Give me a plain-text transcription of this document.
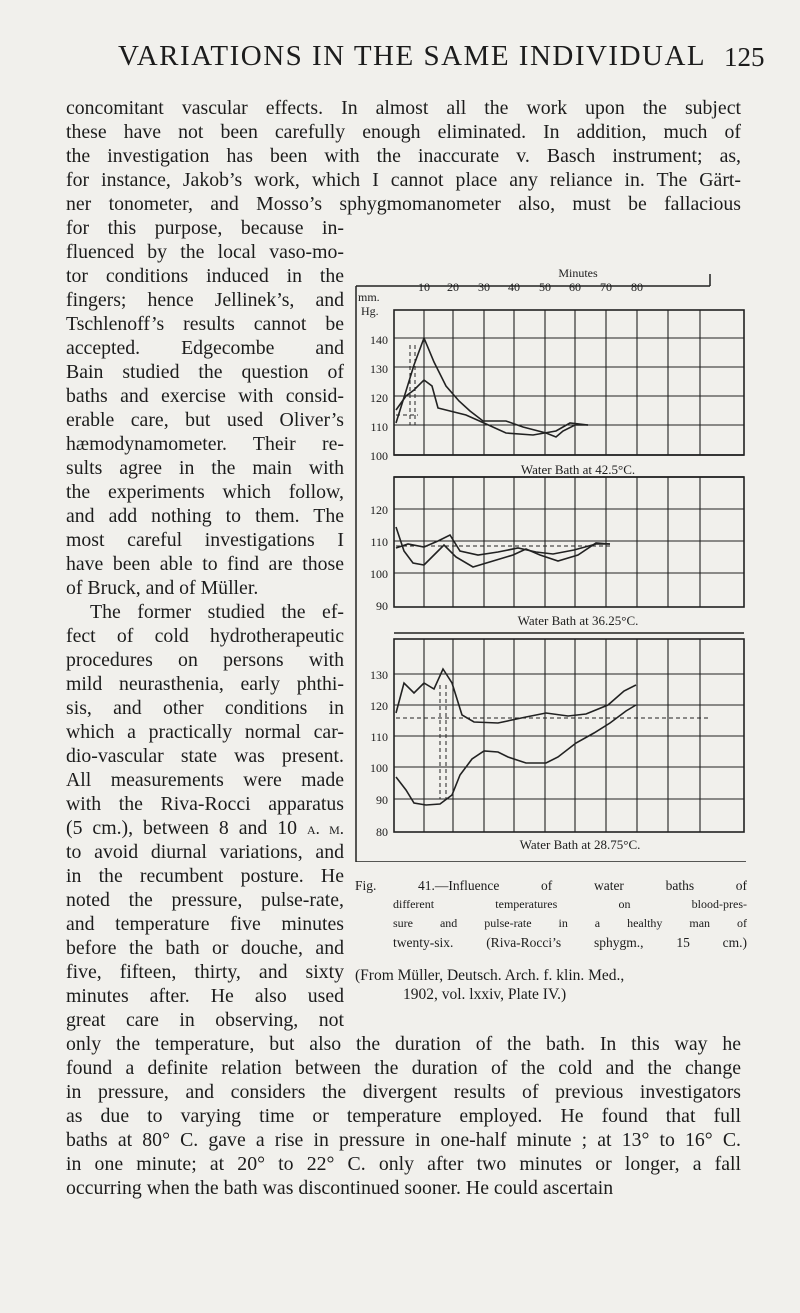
VARIATIONS IN THE SAME INDIVIDUAL 125
concomitant vascular effects. In almost all the work upon the subject
these have not been carefully enough eliminated. In addition, much of
the investigation has been with the inaccurate v. Basch instrument; as,
for instance, Jakob’s work, which I cannot place any reliance in. The Gärt-
ner tonometer, and Mosso’s sphygmomanometer also, must be fallacious
for this purpose, because in-
fluenced by the local vaso-mo-
tor conditions induced in the
fingers; hence Jellinek’s, and
Tschlenoff’s results cannot be
accepted. Edgecombe and
Bain studied the question of
baths and exercise with consid-
erable care, but used Oliver’s
hæmodynamometer. Their re-
sults agree in the main with
the experiments which follow,
and add nothing to them. The
most careful investigations I
have been able to find are those
of Bruck, and of Müller.
The former studied the ef-
fect of cold hydrotherapeutic
procedures on persons with
mild neurasthenia, early phthi-
sis, and other conditions in
which a practically normal car-
dio-vascular state was present.
All measurements were made
with the Riva-Rocci apparatus
(5 cm.), between 8 and 10 a. m.
to avoid diurnal variations, and
in the recumbent posture. He
noted the pressure, pulse-rate,
and temperature five minutes
before the bath or douche, and
five, fifteen, thirty, and sixty
minutes after. He also used
great care in observing, not
only the temperature, but also the duration of the bath. In this way he
found a definite relation between the duration of the cold and the change
in pressure, and considers the divergent results of previous investigators
as due to varying time or temperature employed. He found that full
baths at 80° C. gave a rise in pressure in one-half minute ; at 13° to 16° C.
in one minute; at 20° to 22° C. only after two minutes or longer, a fall
occurring when the bath was discontinued sooner. He could ascertain
Minutes
10 20 30 40 50 60 70 80
mm.
Hg.
140
130
120
110
100
Water Bath at 42.5°C.
120
110
100
90
Water Bath at 36.25°C.
130
120
110
100
90
80
Water Bath at 28.75°C.
Fig. 41.—Influence of water baths of
different temperatures on blood-pres-
sure and pulse-rate in a healthy man of
twenty-six. (Riva-Rocci’s sphygm., 15 cm.)
(From Müller, Deutsch. Arch. f. klin. Med.,
1902, vol. lxxiv, Plate IV.)
